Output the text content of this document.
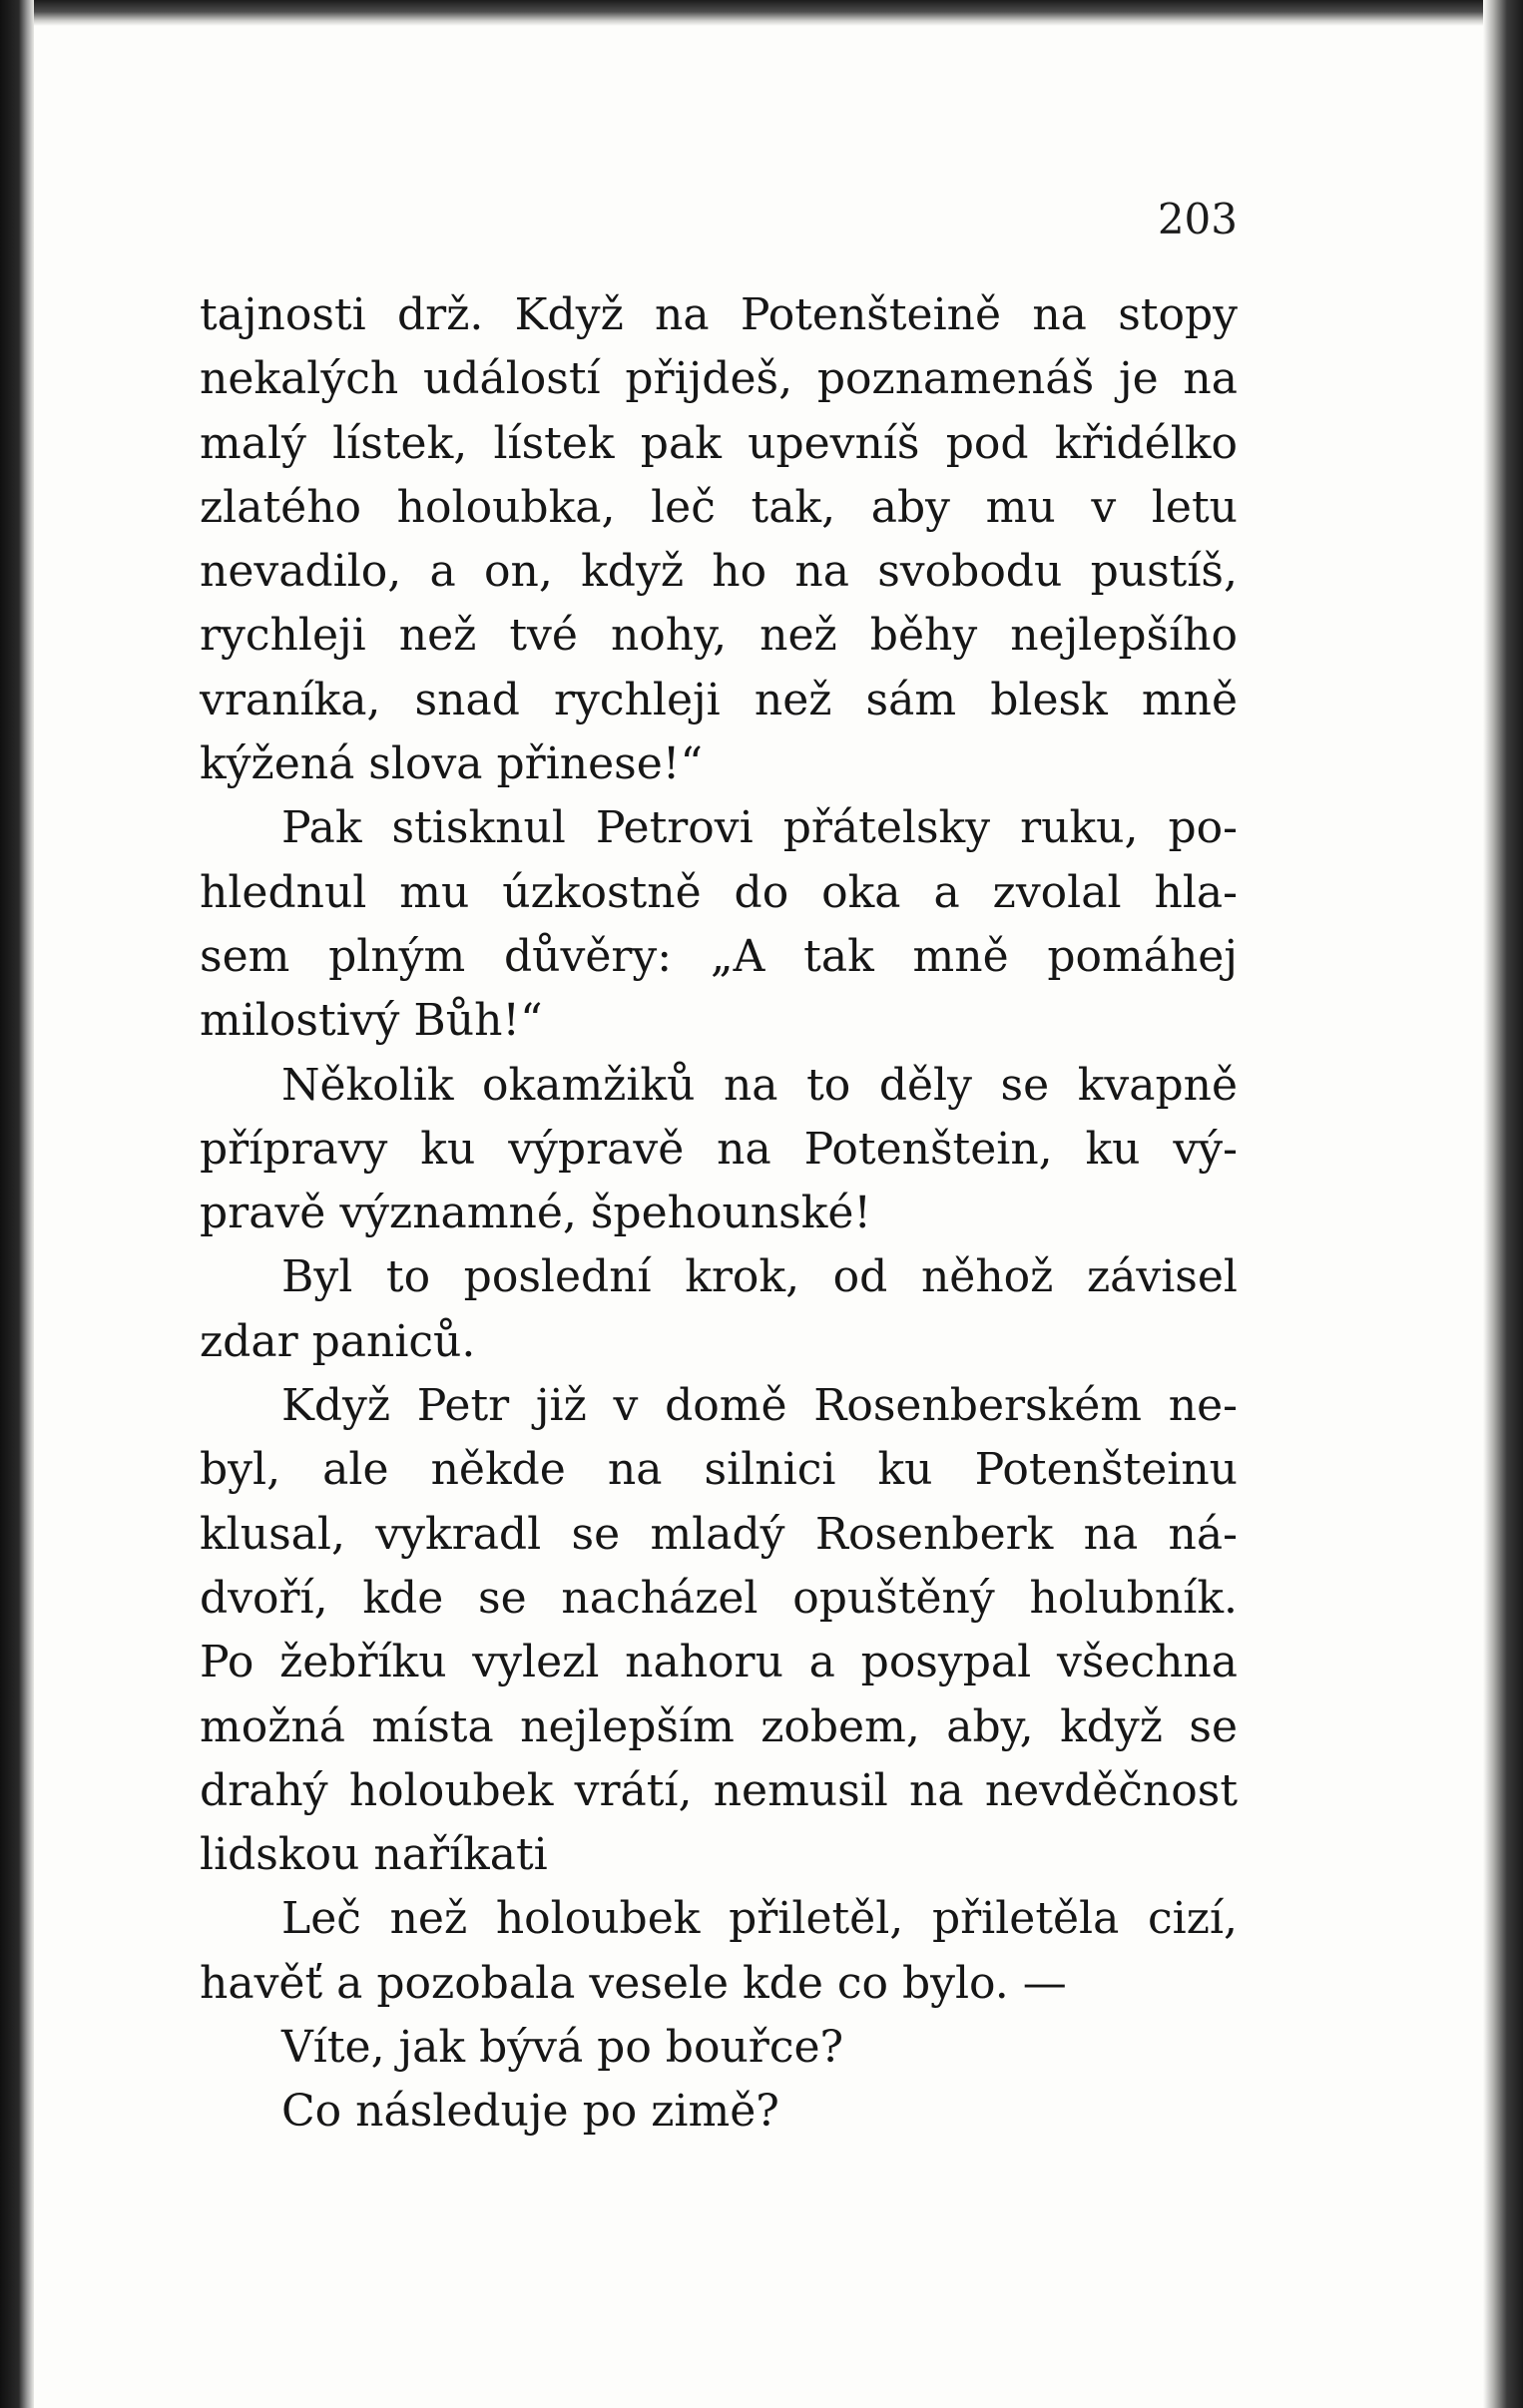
203
tajnosti drž. Když na Potenšteině na stopy
nekalých událostí přijdeš, poznamenáš je na
malý lístek, lístek pak upevníš pod křidélko
zlatého holoubka, leč tak, aby mu v letu
nevadilo, a on, když ho na svobodu pustíš,
rychleji než tvé nohy, než běhy nejlepšího
vraníka, snad rychleji než sám blesk mně
kýžená slova přinese!“
Pak stisknul Petrovi přátelsky ruku, po-
hlednul mu úzkostně do oka a zvolal hla-
sem plným důvěry: „A tak mně pomáhej
milostivý Bůh!“
Několik okamžiků na to děly se kvapně
přípravy ku výpravě na Potenštein, ku vý-
pravě významné, špehounské!
Byl to poslední krok, od něhož závisel
zdar paniců.
Když Petr již v domě Rosenberském ne-
byl, ale někde na silnici ku Potenšteinu
klusal, vykradl se mladý Rosenberk na ná-
dvoří, kde se nacházel opuštěný holubník.
Po žebříku vylezl nahoru a posypal všechna
možná místa nejlepším zobem, aby, když se
drahý holoubek vrátí, nemusil na nevděčnost
lidskou naříkati
Leč než holoubek přiletěl, přiletěla cizí,
havěť a pozobala vesele kde co bylo. —
Víte, jak bývá po bouřce?
Co následuje po zimě?
